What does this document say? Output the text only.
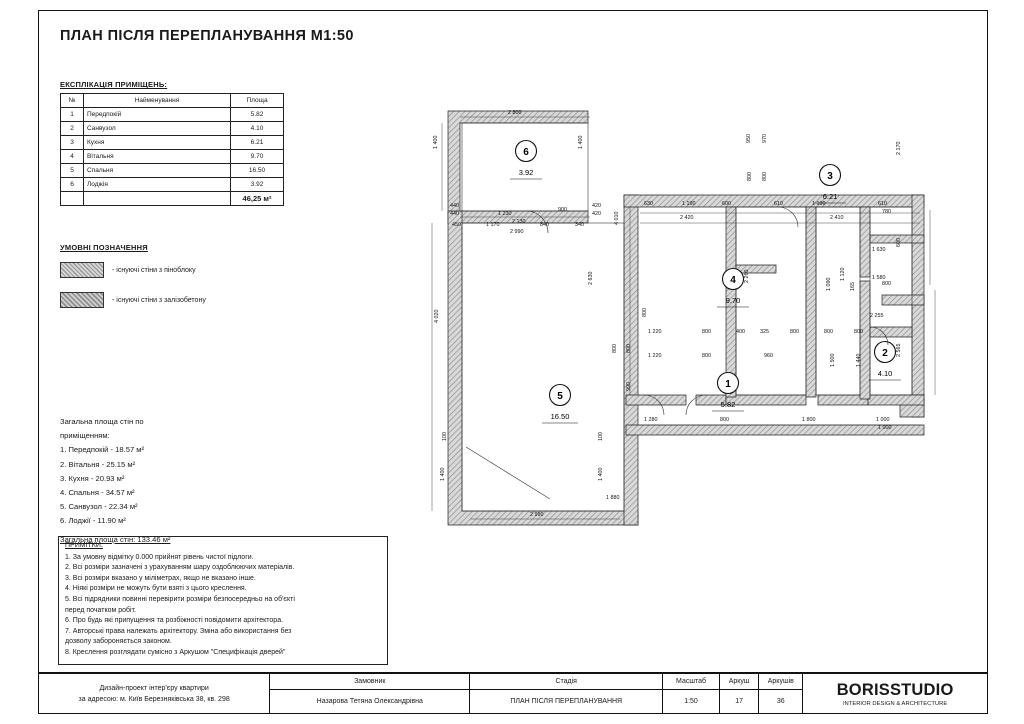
ПЛАН ПІСЛЯ ПЕРЕПЛАНУВАННЯ М1:50
ЕКСПЛІКАЦІЯ ПРИМІЩЕНЬ:
№	Найменування	Площа
1	Передпокій	5.82
2	Санвузол	4.10
3	Кухня	6.21
4	Вітальня	9.70
5	Спальня	16.50
6	Лоджія	3.92
		46,25 м²
УМОВНІ ПОЗНАЧЕННЯ
- існуючі стіни з піноблоку
- існуючі стіни з залізобетону
Загальна площа стін по
приміщенням:
1. Передпокій - 18.57 м²
2. Вітальня - 25.15 м²
3. Кухня - 20.93 м²
4. Спальня - 34.57 м²
5. Санвузол - 22.34 м²
6. Лоджії - 11.90 м²
Загальна площа стін: 133.46 м²
ПРИМІТКИ:
1. За умовну відмітку 0.000 прийнят рівень чистої підлоги.
2. Всі розміри зазначені з урахуванням шару оздоблюючих матеріалів.
3. Всі розміри вказано у міліметрах, якщо не вказано інше.
4. Ніякі розміри не можуть бути взяті з цього креслення.
5. Всі підрядники повинні перевірити розміри безпосередньо на об'єкті
перед початком робіт.
6. Про будь які припущення та розбіжності повідомити архітектора.
7. Авторські права належать архітектору. Зміна або використання без
дозволу забороняється законом.
8. Креслення розглядати сумісно з Аркушом "Специфікація дверей"
6
3.92	3
6.21
4
9.70
2
4.10
1
5.82
5
16.50
2 800
1 400	1 400
450	1 170	840	340
630	1 190	600	610	1 190	610
2 420	2 410
950 970
2 170
800 800
780
440
440	1 230
900
420
420
2 130
2 990
4 010
1 630
600
1 580
1 120
800
2 630	2 260
1 090	165
2 255
4 020
1 220	800	400	325	800	800	800
1 220	800	960	1 500
2 565
1 440
800 800
800
1 000
990
1 280	800	1 800
1 000
100	100
1 400	1 400
2 990
1 880
Дизайн-проект інтер'єру квартири
за адресою: м. Київ Березняківська 38, кв. 298
	Замовник	Стадія	Масштаб	Аркуш	Аркушів	BORISSTUDIO
INTERIOR DESIGN & ARCHITECTURE
	Назарова Тетяна Олександрівна	ПЛАН ПІСЛЯ ПЕРЕПЛАНУВАННЯ	1:50	17	36	
